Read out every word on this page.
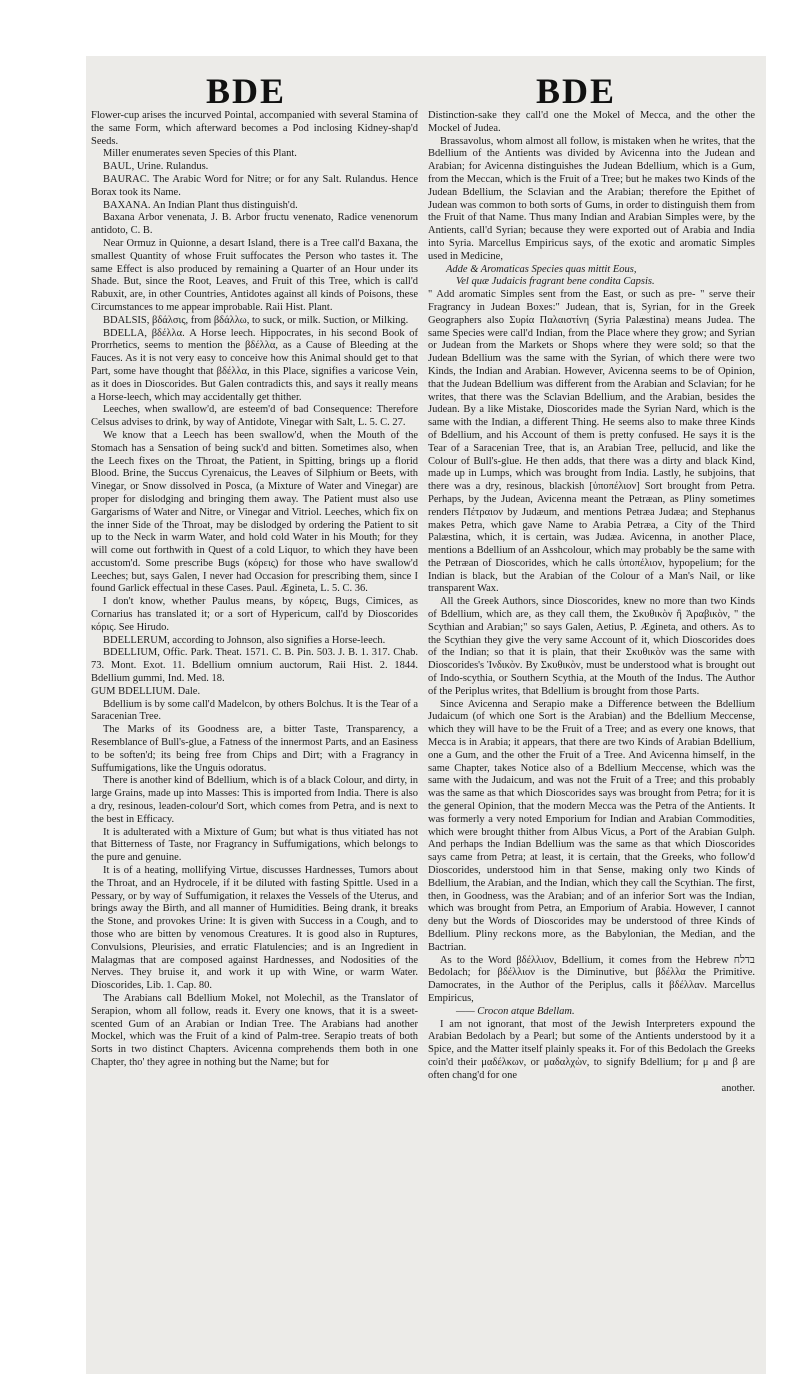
BDE	BDE

Flower-cup arises the incurved Pointal, accompanied with several Stamina of the same Form, which afterward becomes a Pod inclosing Kidney-shap'd Seeds.

Miller enumerates seven Species of this Plant.

BAUL, Urine. Rulandus.

BAURAC. The Arabic Word for Nitre; or for any Salt. Rulandus. Hence Borax took its Name.

BAXANA. An Indian Plant thus distinguish'd.

Baxana Arbor venenata, J. B. Arbor fructu venenato, Radice venenorum antidoto, C. B.

Near Ormuz in Quionne, a desart Island, there is a Tree call'd Baxana, the smallest Quantity of whose Fruit suffocates the Person who tastes it. The same Effect is also produced by remaining a Quarter of an Hour under its Shade. But, since the Root, Leaves, and Fruit of this Tree, which is call'd Rabuxit, are, in other Countries, Antidotes against all kinds of Poisons, these Circumstances to me appear improbable. Raii Hist. Plant.

BDALSIS, βδάλσις, from βδάλλω, to suck, or milk. Suction, or Milking.

BDELLA, βδέλλα. A Horse leech. Hippocrates, in his second Book of Prorrhetics, seems to mention the βδέλλα, as a Cause of Bleeding at the Fauces. As it is not very easy to conceive how this Animal should get to that Part, some have thought that βδέλλα, in this Place, signifies a varicose Vein, as it does in Dioscorides. But Galen contradicts this, and says it really means a Horse-leech, which may accidentally get thither.

Leeches, when swallow'd, are esteem'd of bad Consequence: Therefore Celsus advises to drink, by way of Antidote, Vinegar with Salt, L. 5. C. 27.

We know that a Leech has been swallow'd, when the Mouth of the Stomach has a Sensation of being suck'd and bitten. Sometimes also, when the Leech fixes on the Throat, the Patient, in Spitting, brings up a florid Blood. Brine, the Succus Cyrenaicus, the Leaves of Silphium or Beets, with Vinegar, or Snow dissolved in Posca, (a Mixture of Water and Vinegar) are proper for dislodging and bringing them away. The Patient must also use Gargarisms of Water and Nitre, or Vinegar and Vitriol. Leeches, which fix on the inner Side of the Throat, may be dislodged by ordering the Patient to sit up to the Neck in warm Water, and hold cold Water in his Mouth; for they will come out forthwith in Quest of a cold Liquor, to which they have been accustom'd. Some prescribe Bugs (κόρεις) for those who have swallow'd Leeches; but, says Galen, I never had Occasion for prescribing them, since I found Garlick effectual in these Cases. Paul. Ægineta, L. 5. C. 36.

I don't know, whether Paulus means, by κόρεις, Bugs, Cimices, as Cornarius has translated it; or a sort of Hypericum, call'd by Dioscorides κόρις. See Hirudo.

BDELLERUM, according to Johnson, also signifies a Horse-leech.

BDELLIUM, Offic. Park. Theat. 1571. C. B. Pin. 503. J. B. 1. 317. Chab. 73. Mont. Exot. 11. Bdellium omnium auctorum, Raii Hist. 2. 1844. Bdellium gummi, Ind. Med. 18.

GUM BDELLIUM. Dale.

Bdellium is by some call'd Madelcon, by others Bolchus. It is the Tear of a Saracenian Tree.

The Marks of its Goodness are, a bitter Taste, Transparency, a Resemblance of Bull's-glue, a Fatness of the innermost Parts, and an Easiness to be soften'd; its being free from Chips and Dirt; with a Fragrancy in Suffumigations, like the Unguis odoratus.

There is another kind of Bdellium, which is of a black Colour, and dirty, in large Grains, made up into Masses: This is imported from India. There is also a dry, resinous, leaden-colour'd Sort, which comes from Petra, and is next to the best in Efficacy.

It is adulterated with a Mixture of Gum; but what is thus vitiated has not that Bitterness of Taste, nor Fragrancy in Suffumigations, which belongs to the pure and genuine.

It is of a heating, mollifying Virtue, discusses Hardnesses, Tumors about the Throat, and an Hydrocele, if it be diluted with fasting Spittle. Used in a Pessary, or by way of Suffumigation, it relaxes the Vessels of the Uterus, and brings away the Birth, and all manner of Humidities. Being drank, it breaks the Stone, and provokes Urine: It is given with Success in a Cough, and to those who are bitten by venomous Creatures. It is good also in Ruptures, Convulsions, Pleurisies, and erratic Flatulencies; and is an Ingredient in Malagmas that are composed against Hardnesses, and Nodosities of the Nerves. They bruise it, and work it up with Wine, or warm Water. Dioscorides, Lib. 1. Cap. 80.

The Arabians call Bdellium Mokel, not Molechil, as the Translator of Serapion, whom all follow, reads it. Every one knows, that it is a sweet-scented Gum of an Arabian or Indian Tree. The Arabians had another Mockel, which was the Fruit of a kind of Palm-tree. Serapio treats of both Sorts in two distinct Chapters. Avicenna comprehends them both in one Chapter, tho' they agree in nothing but the Name; but for

Distinction-sake they call'd one the Mokel of Mecca, and the other the Mockel of Judea.

Brassavolus, whom almost all follow, is mistaken when he writes, that the Bdellium of the Antients was divided by Avicenna into the Judean and Arabian; for Avicenna distinguishes the Judean Bdellium, which is a Gum, from the Meccan, which is the Fruit of a Tree; but he makes two Kinds of the Judean Bdellium, the Sclavian and the Arabian; therefore the Epithet of Judean was common to both sorts of Gums, in order to distinguish them from the Fruit of that Name. Thus many Indian and Arabian Simples were, by the Antients, call'd Syrian; because they were exported out of Arabia and India into Syria. Marcellus Empiricus says, of the exotic and aromatic Simples used in Medicine,

Adde & Aromaticas Species quas mittit Eous,

Vel quæ Judaicis fragrant bene condita Capsis.

" Add aromatic Simples sent from the East, or such as pre- " serve their Fragrancy in Judean Boxes:" Judean, that is, Syrian, for in the Greek Geographers also Συρία Παλαιστίνη (Syria Palæstina) means Judea. The same Species were call'd Indian, from the Place where they grow; and Syrian or Judean from the Markets or Shops where they were sold; so that the Judean Bdellium was the same with the Syrian, of which there were two Kinds, the Indian and Arabian. However, Avicenna seems to be of Opinion, that the Judean Bdellium was different from the Arabian and Sclavian; for he writes, that there was the Sclavian Bdellium, and the Arabian, besides the Judean. By a like Mistake, Dioscorides made the Syrian Nard, which is the same with the Indian, a different Thing. He seems also to make three Kinds of Bdellium, and his Account of them is pretty confused. He says it is the Tear of a Saracenian Tree, that is, an Arabian Tree, pellucid, and like the Colour of Bull's-glue. He then adds, that there was a dirty and black Kind, made up in Lumps, which was brought from India. Lastly, he subjoins, that there was a dry, resinous, blackish [ὑποπέλιον] Sort brought from Petra. Perhaps, by the Judean, Avicenna meant the Petræan, as Pliny sometimes renders Πέτραιον by Judæum, and mentions Petræa Judæa; and Stephanus makes Petra, which gave Name to Arabia Petræa, a City of the Third Palæstina, which, it is certain, was Judæa. Avicenna, in another Place, mentions a Bdellium of an Asshcolour, which may probably be the same with the Petræan of Dioscorides, which he calls ὑποπέλιον, hypopelium; for the Indian is black, but the Arabian of the Colour of a Man's Nail, or like transparent Wax.

All the Greek Authors, since Dioscorides, knew no more than two Kinds of Bdellium, which are, as they call them, the Σκυθικὸν ἢ Ἀραβικὸν, " the Scythian and Arabian;" so says Galen, Aetius, P. Ægineta, and others. As to the Scythian they give the very same Account of it, which Dioscorides does of the Indian; so that it is plain, that their Σκυθικὸν was the same with Dioscorides's Ἰνδικὸν. By Σκυθικὸν, must be understood what is brought out of Indo-scythia, or Southern Scythia, at the Mouth of the Indus. The Author of the Periplus writes, that Bdellium is brought from those Parts.

Since Avicenna and Serapio make a Difference between the Bdellium Judaicum (of which one Sort is the Arabian) and the Bdellium Meccense, which they will have to be the Fruit of a Tree; and as every one knows, that Mecca is in Arabia; it appears, that there are two Kinds of Arabian Bdellium, one a Gum, and the other the Fruit of a Tree. And Avicenna himself, in the same Chapter, takes Notice also of a Bdellium Meccense, which was the same with the Judaicum, and was not the Fruit of a Tree; and this probably was the same as that which Dioscorides says was brought from Petra; for it is the general Opinion, that the modern Mecca was the Petra of the Antients. It was formerly a very noted Emporium for Indian and Arabian Commodities, which were brought thither from Albus Vicus, a Port of the Arabian Gulph. And perhaps the Indian Bdellium was the same as that which Dioscorides says came from Petra; at least, it is certain, that the Greeks, who follow'd Dioscorides, understood him in that Sense, making only two Kinds of Bdellium, the Arabian, and the Indian, which they call the Scythian. The first, then, in Goodness, was the Arabian; and of an inferior Sort was the Indian, which was brought from Petra, an Emporium of Arabia. However, I cannot deny but the Words of Dioscorides may be understood of three Kinds of Bdellium. Pliny reckons more, as the Babylonian, the Median, and the Bactrian.

As to the Word βδέλλιον, Bdellium, it comes from the Hebrew בדלח Bedolach; for βδέλλιον is the Diminutive, but βδέλλα the Primitive. Damocrates, in the Author of the Periplus, calls it βδέλλαν. Marcellus Empiricus,

—— Crocon atque Bdellam.

I am not ignorant, that most of the Jewish Interpreters expound the Arabian Bedolach by a Pearl; but some of the Antients understood by it a Spice, and the Matter itself plainly speaks it. For of this Bedolach the Greeks coin'd their μαδέλκων, or μαδαλχὼν, to signify Bdellium; for μ and β are often chang'd for one

another.
